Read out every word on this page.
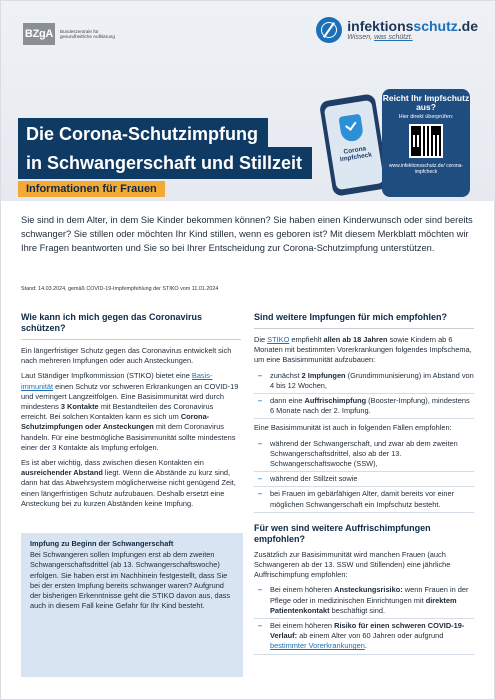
BZgA	Bundeszentrale für gesundheitliche Aufklärung
infektionsschutz.de
Wissen, was schützt.
Die Corona-Schutzimpfung
in Schwangerschaft und Stillzeit
Informationen für Frauen
Corona Impfcheck
Reicht Ihr Impfschutz aus?
Hier direkt überprüfen:
www.infektionsschutz.de/ corona-impfcheck
Sie sind in dem Alter, in dem Sie Kinder bekommen können? Sie haben einen Kinderwunsch oder sind bereits schwanger? Sie stillen oder möchten Ihr Kind stillen, wenn es geboren ist? Mit diesem Merkblatt möchten wir Ihre Fragen beantworten und Sie so bei Ihrer Entscheidung zur Corona-Schutzimpfung unterstützen.
Stand: 14.03.2024, gemäß COVID-19-Impfempfehlung der STIKO vom 11.01.2024
Wie kann ich mich gegen das Coronavirus schützen?

Ein längerfristiger Schutz gegen das Coronavirus entwickelt sich nach mehreren Impfungen oder auch Ansteckungen.

Laut Ständiger Impfkommission (STIKO) bietet eine Basisimmunität einen Schutz vor schweren Erkrankungen an COVID-19 und verringert Langzeitfolgen. Eine Basisimmunität wird durch mindestens 3 Kontakte mit Bestandteilen des Coronavirus erreicht. Bei solchen Kontakten kann es sich um Corona-Schutzimpfungen oder Ansteckungen mit dem Coronavirus handeln. Für eine bestmögliche Basisimmunität sollte mindestens einer der 3 Kontakte als Impfung erfolgen.

Es ist aber wichtig, dass zwischen diesen Kontakten ein ausreichender Abstand liegt. Wenn die Abstände zu kurz sind, dann hat das Abwehrsystem möglicherweise nicht genügend Zeit, einen längerfristigen Schutz aufzubauen. Deshalb ersetzt eine Ansteckung bei zu kurzen Abständen keine Impfung.

Impfung zu Beginn der Schwangerschaft
Bei Schwangeren sollen Impfungen erst ab dem zweiten Schwangerschaftsdrittel (ab 13. Schwangerschaftswoche) erfolgen. Sie haben erst im Nachhinein festgestellt, dass Sie bei der ersten Impfung bereits schwanger waren? Aufgrund der bisherigen Erkenntnisse geht die STIKO davon aus, dass auch in diesem Fall keine Gefahr für Ihr Kind besteht.
Sind weitere Impfungen für mich empfohlen?

Die STIKO empfiehlt allen ab 18 Jahren sowie Kindern ab 6 Monaten mit bestimmten Vorerkrankungen folgendes Impfschema, um eine Basisimmunität aufzubauen:

– zunächst 2 Impfungen (Grundimmunisierung) im Abstand von 4 bis 12 Wochen,
– dann eine Auffrischimpfung (Booster-Impfung), mindestens 6 Monate nach der 2. Impfung.

Eine Basisimmunität ist auch in folgenden Fällen empfohlen:

– während der Schwangerschaft, und zwar ab dem zweiten Schwangerschaftsdrittel, also ab der 13. Schwangerschaftswoche (SSW),
– während der Stillzeit sowie
– bei Frauen im gebärfähigen Alter, damit bereits vor einer möglichen Schwangerschaft ein Impfschutz besteht.
Für wen sind weitere Auffrischimpfungen empfohlen?

Zusätzlich zur Basisimmunität wird manchen Frauen (auch Schwangeren ab der 13. SSW und Stillenden) eine jährliche Auffrischimpfung empfohlen:

– Bei einem höheren Ansteckungsrisiko: wenn Frauen in der Pflege oder in medizinischen Einrichtungen mit direktem Patientenkontakt beschäftigt sind.
– Bei einem höheren Risiko für einen schweren COVID-19-Verlauf: ab einem Alter von 60 Jahren oder aufgrund bestimmter Vorerkrankungen.
